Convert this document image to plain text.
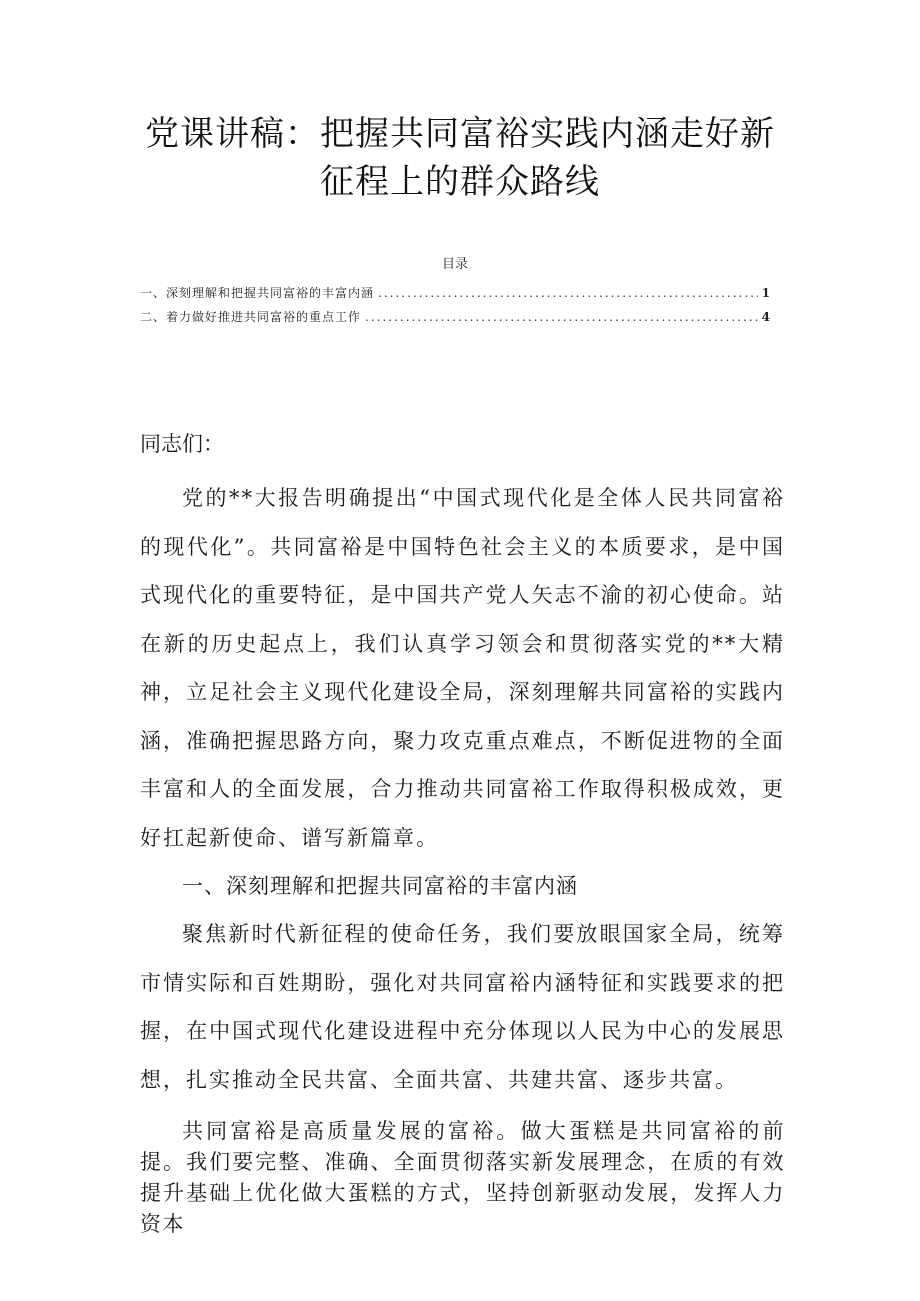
党课讲稿：把握共同富裕实践内涵走好新征程上的群众路线
目录
一、深刻理解和把握共同富裕的丰富内涵 .....	1
二、着力做好推进共同富裕的重点工作 .....	4

同志们：

党的**大报告明确提出“中国式现代化是全体人民共同富裕的现代化”。共同富裕是中国特色社会主义的本质要求，是中国式现代化的重要特征，是中国共产党人矢志不渝的初心使命。站在新的历史起点上，我们认真学习领会和贯彻落实党的**大精神，立足社会主义现代化建设全局，深刻理解共同富裕的实践内涵，准确把握思路方向，聚力攻克重点难点，不断促进物的全面丰富和人的全面发展，合力推动共同富裕工作取得积极成效，更好扛起新使命、谱写新篇章。

一、深刻理解和把握共同富裕的丰富内涵

聚焦新时代新征程的使命任务，我们要放眼国家全局，统筹市情实际和百姓期盼，强化对共同富裕内涵特征和实践要求的把握，在中国式现代化建设进程中充分体现以人民为中心的发展思想，扎实推动全民共富、全面共富、共建共富、逐步共富。

共同富裕是高质量发展的富裕。做大蛋糕是共同富裕的前提。我们要完整、准确、全面贯彻落实新发展理念，在质的有效提升基础上优化做大蛋糕的方式，坚持创新驱动发展，发挥人力资本
